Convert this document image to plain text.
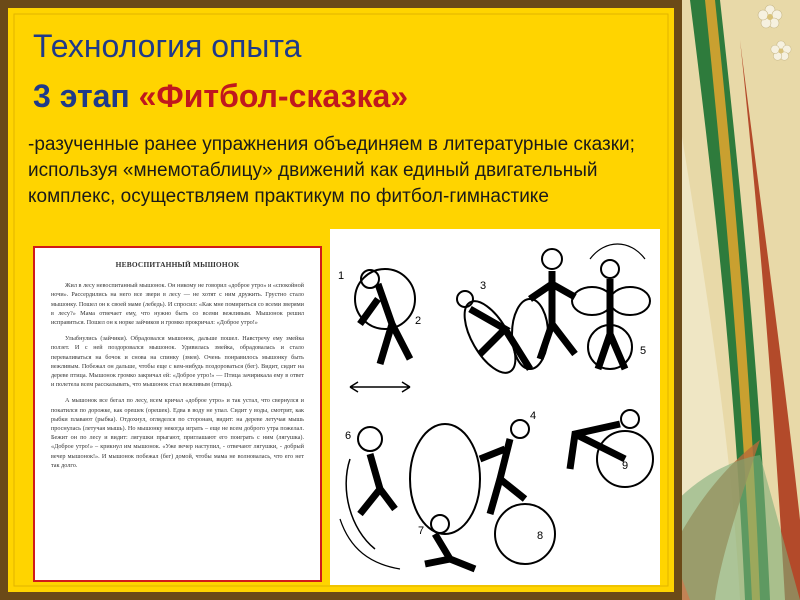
Технология опыта
3 этап «Фитбол-сказка»
-разученные ранее упражнения объединяем в литературные сказки; используя «мнемотаблицу» движений как единый двигательный комплекс, осуществляем практикум по фитбол-гимнастике
НЕВОСПИТАННЫЙ МЫШОНОК

Жил в лесу невоспитанный мышонок. Он никому не говорил «доброе утро» и «спокойной ночи». Рассердились на него все звери в лесу — не хотят с ним дружить. Грустно стало мышонку. Пошел он к своей маме (лебедь). И спросил: «Как мне помириться со всеми зверями в лесу?» Мама отвечает ему, что нужно быть со всеми вежливым. Мышонок решил исправиться. Пошел он к норке зайчиков и громко прокричал: «Доброе утро!»

Улыбнулись (зайчики). Обрадовался мышонок, дальше пошел. Навстречу ему змейка ползет. И с ней поздоровался мышонок. Удивилась змейка, обрадовалась и стало переваливаться на бочок и снова на спинку (змея). Очень понравилось мышонку быть вежливым. Побежал он дальше, чтобы еще с кем-нибудь поздороваться (бег). Видит, сидит на дереве птица. Мышонок громко закричал ей: «Доброе утро!» — Птица зачирикала ему в ответ и полетела всем рассказывать, что мышонок стал вежливым (птица).

А мышонок все бегал по лесу, всем кричал «доброе утро» и так устал, что свернулся и покатился по дорожке, как орешек (орешек). Едва в воду не упал. Сидит у воды, смотрит, как рыбки плавают (рыбка). Отдохнул, огляделся по сторонам, видит: на дереве летучая мышь проснулась (летучая мышь). Но мышонку некогда играть – еще не всем доброго утра пожелал. Бежит он по лесу и видит: лягушки прыгают, приглашают его поиграть с ним (лягушка). «Доброе утро!» – крикнул им мышонок. «Уже вечер наступил, - отвечают лягушки, - добрый вечер мышонок!». И мышонок побежал (бег) домой, чтобы мама не волновалась, что его нет так долго.

1
2
3
4
5
6
7	8
9
